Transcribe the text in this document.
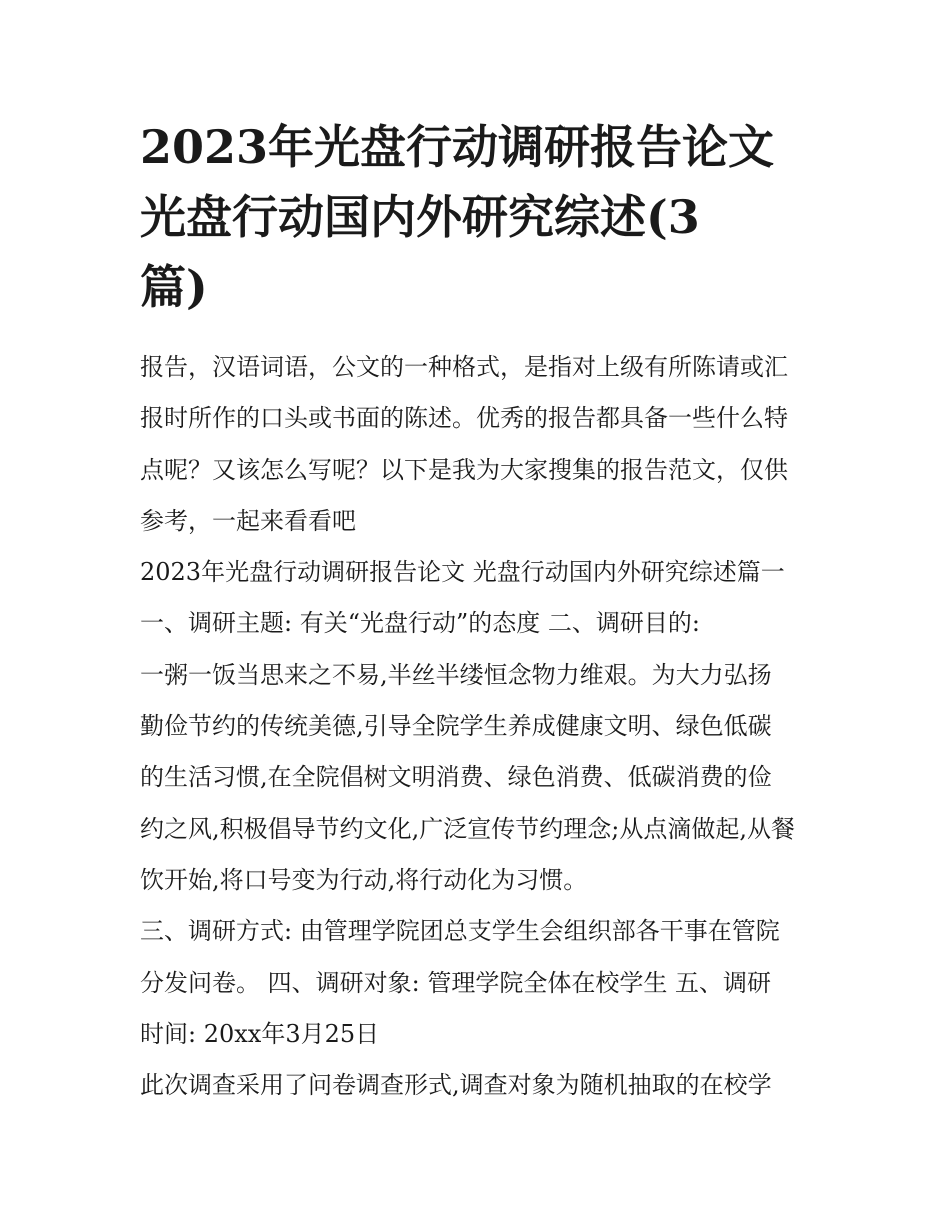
2023年光盘行动调研报告论文
光盘行动国内外研究综述(3
篇)
报告，汉语词语，公文的一种格式，是指对上级有所陈请或汇
报时所作的口头或书面的陈述。优秀的报告都具备一些什么特
点呢？又该怎么写呢？以下是我为大家搜集的报告范文，仅供
参考，一起来看看吧
2023年光盘行动调研报告论文 光盘行动国内外研究综述篇一
一、调研主题: 有关“光盘行动”的态度 二、调研目的:
一粥一饭当思来之不易,半丝半缕恒念物力维艰。为大力弘扬
勤俭节约的传统美德,引导全院学生养成健康文明、绿色低碳
的生活习惯,在全院倡树文明消费、绿色消费、低碳消费的俭
约之风,积极倡导节约文化,广泛宣传节约理念;从点滴做起,从餐
饮开始,将口号变为行动,将行动化为习惯。
三、调研方式: 由管理学院团总支学生会组织部各干事在管院
分发问卷。 四、调研对象: 管理学院全体在校学生 五、调研
时间: 20xx年3月25日
此次调查采用了问卷调查形式,调查对象为随机抽取的在校学
